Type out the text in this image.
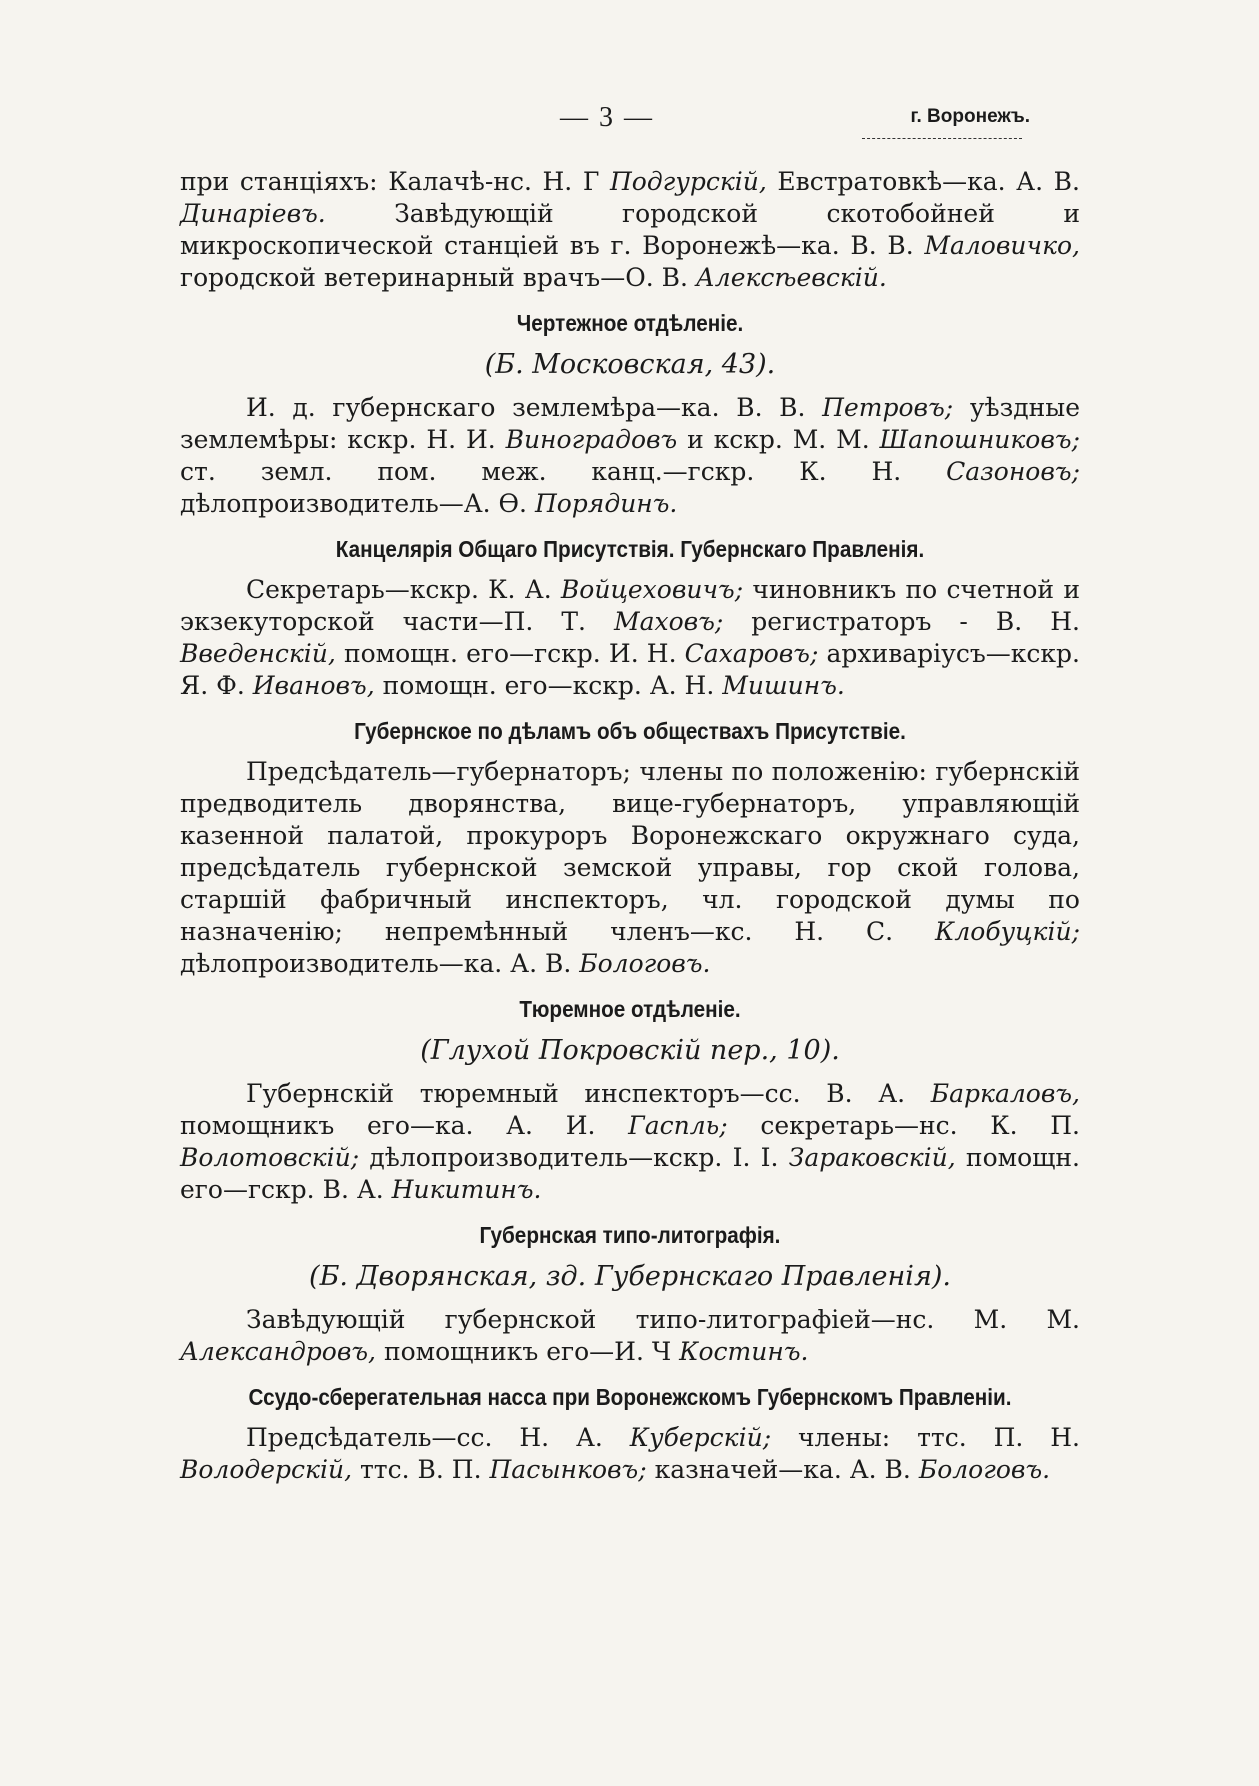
— 3 —	г. Воронежъ.

при станціяхъ: Калачѣ-нс. Н. Г Подгурскій, Евстратовкѣ—ка. А. В. Динарiевъ. Завѣдующій городской скотобойней и микроскопической станціей въ г. Воронежѣ—ка. В. В. Маловичко, городской ветеринарный врачъ—О. В. Алексѣевскій.

Чертежное отдѣленіе.
(Б. Московская, 43).

И. д. губернскаго землемѣра—ка. В. В. Петровъ; уѣздные землемѣры: кскр. Н. И. Виноградовъ и кскр. М. М. Шапошниковъ; ст. земл. пом. меж. канц.—гскр. К. Н. Сазоновъ; дѣлопроизводитель—А. Ѳ. Порядинъ.

Канцелярія Общаго Присутствія. Губернскаго Правленія.

Секретарь—кскр. К. А. Войцеховичъ; чиновникъ по счетной и экзекуторской части—П. Т. Маховъ; регистраторъ - В. Н. Введенскій, помощн. его—гскр. И. Н. Сахаровъ; архиваріусъ—кскр. Я. Ф. Ивановъ, помощн. его—кскр. А. Н. Мишинъ.

Губернское по дѣламъ объ обществахъ Присутствіе.

Предсѣдатель—губернаторъ; члены по положенію: губернскій предводитель дворянства, вице-губернаторъ, управляющій казенной палатой, прокуроръ Воронежскаго окружнаго суда, предсѣдатель губернской земской управы, гор ской голова, старшій фабричный инспекторъ, чл. городской думы по назначенію; непремѣнный членъ—кс. Н. С. Клобуцкій; дѣлопроизводитель—ка. А. В. Бологовъ.

Тюремное отдѣленіе.
(Глухой Покровскій пер., 10).

Губернскій тюремный инспекторъ—сс. В. А. Баркаловъ, помощникъ его—ка. А. И. Гаспль; секретарь—нс. К. П. Волотовскій; дѣлопроизводитель—кскр. І. І. Зараковскій, помощн. его—гскр. В. А. Никитинъ.

Губернская типо-литографія.
(Б. Дворянская, зд. Губернскаго Правленія).

Завѣдующій губернской типо-литографіей—нс. М. М. Александровъ, помощникъ его—И. Ч Костинъ.

Ссудо-сберегательная насса при Воронежскомъ Губернскомъ Правленіи.

Предсѣдатель—сс. Н. А. Куберскій; члены: ттс. П. Н. Володерскій, ттс. В. П. Пасынковъ; казначей—ка. А. В. Бологовъ.
